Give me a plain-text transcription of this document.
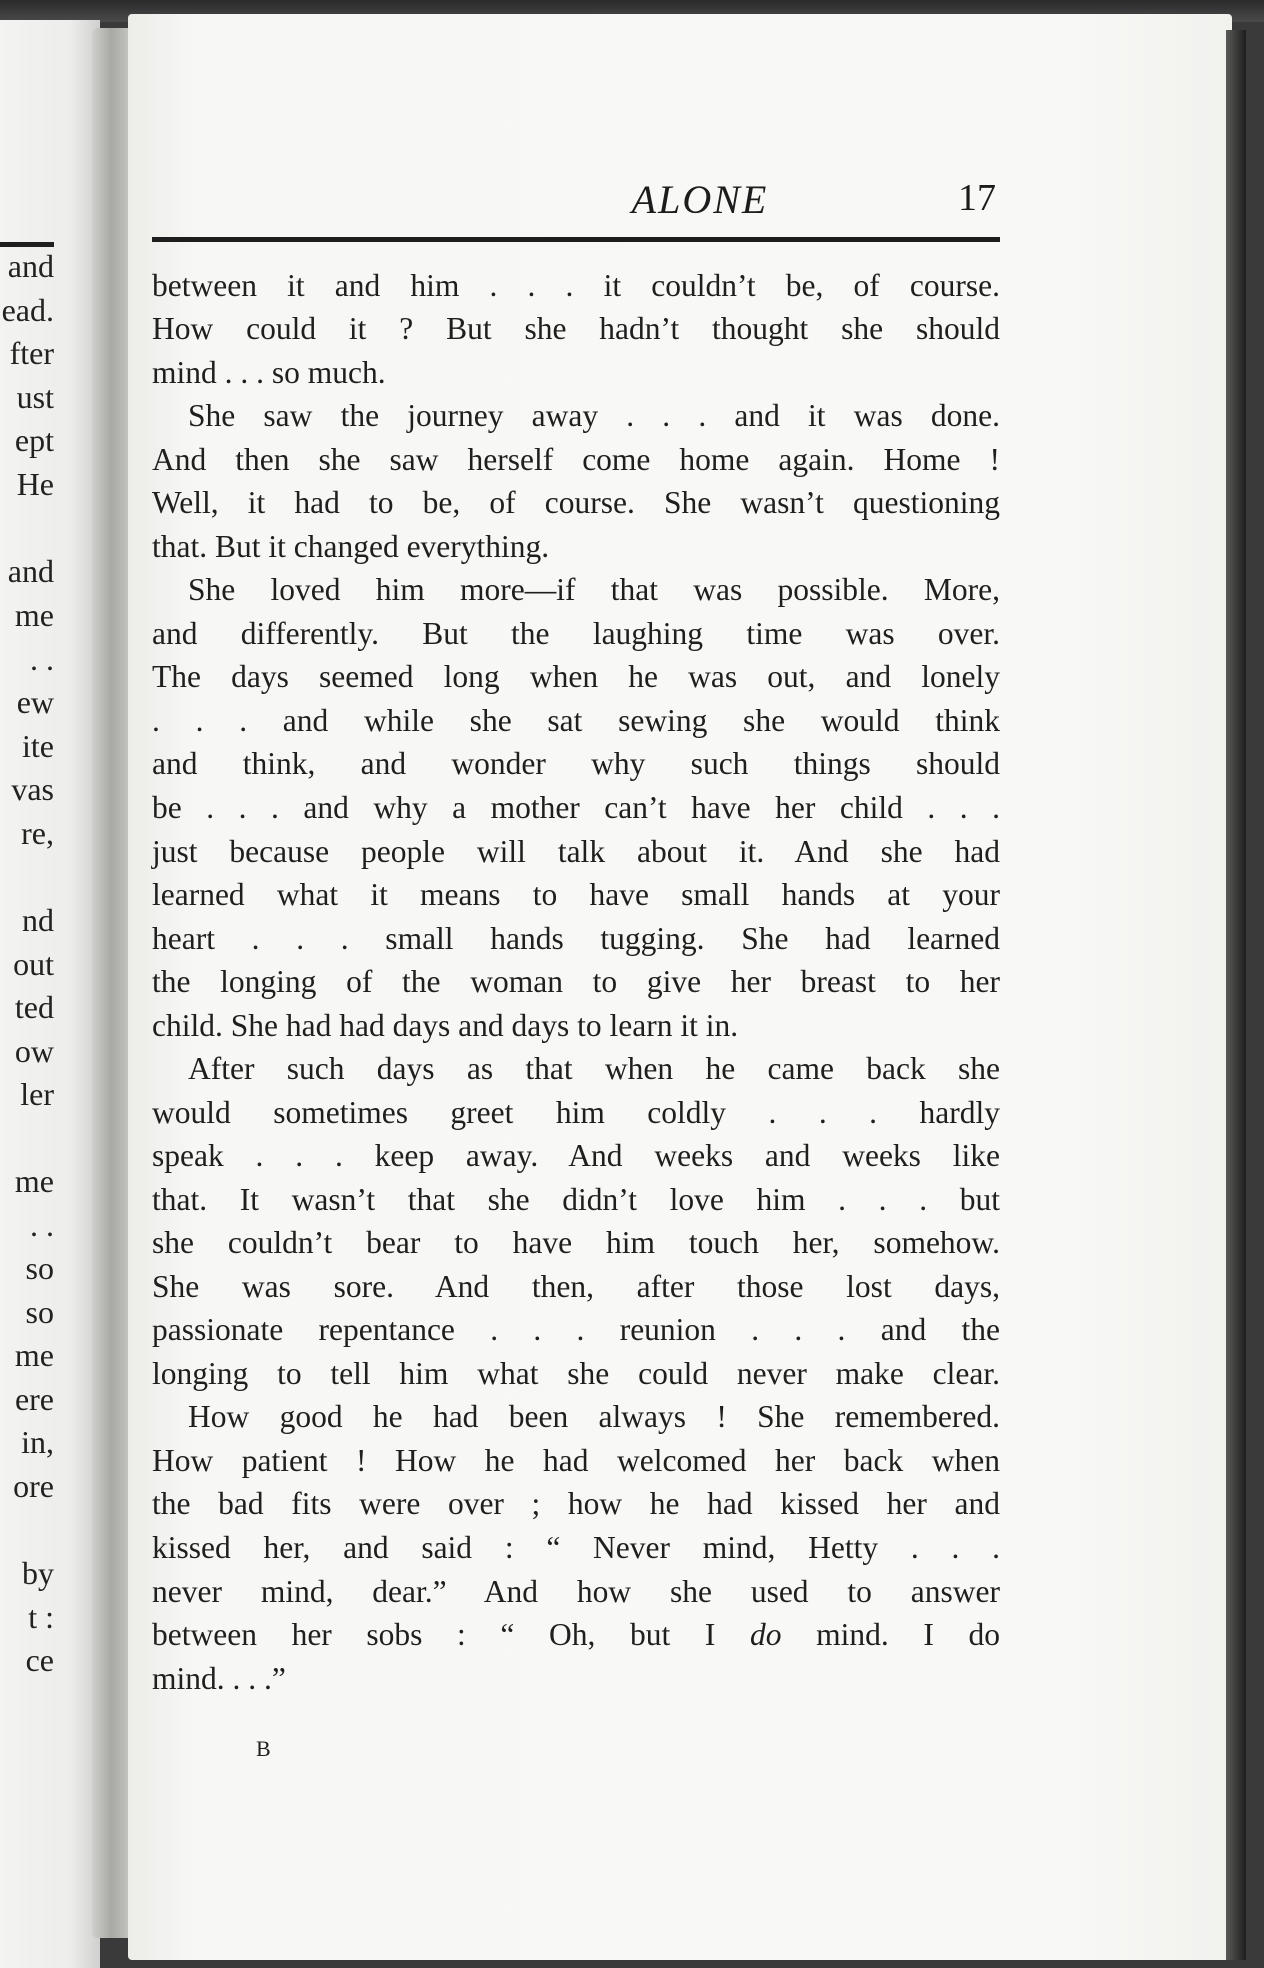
and
ead.
fter
ust
ept
He
and
me
. .
ew
ite
vas
re,
nd
out
ted
ow
ler
me
. .
so
so
me
ere
in,
ore
by
t :
ce
ALONE	17
between it and him . . . it couldn’t be, of course.
How could it ? But she hadn’t thought she should
mind . . . so much.
She saw the journey away . . . and it was done.
And then she saw herself come home again. Home !
Well, it had to be, of course. She wasn’t questioning
that. But it changed everything.
She loved him more—if that was possible. More,
and differently. But the laughing time was over.
The days seemed long when he was out, and lonely
. . . and while she sat sewing she would think
and think, and wonder why such things should
be . . . and why a mother can’t have her child . . .
just because people will talk about it. And she had
learned what it means to have small hands at your
heart . . . small hands tugging. She had learned
the longing of the woman to give her breast to her
child. She had had days and days to learn it in.
After such days as that when he came back she
would sometimes greet him coldly . . . hardly
speak . . . keep away. And weeks and weeks like
that. It wasn’t that she didn’t love him . . . but
she couldn’t bear to have him touch her, somehow.
She was sore. And then, after those lost days,
passionate repentance . . . reunion . . . and the
longing to tell him what she could never make clear.
How good he had been always ! She remembered.
How patient ! How he had welcomed her back when
the bad fits were over ; how he had kissed her and
kissed her, and said : “ Never mind, Hetty . . .
never mind, dear.” And how she used to answer
between her sobs : “ Oh, but I do mind. I do
mind. . . .”
B
